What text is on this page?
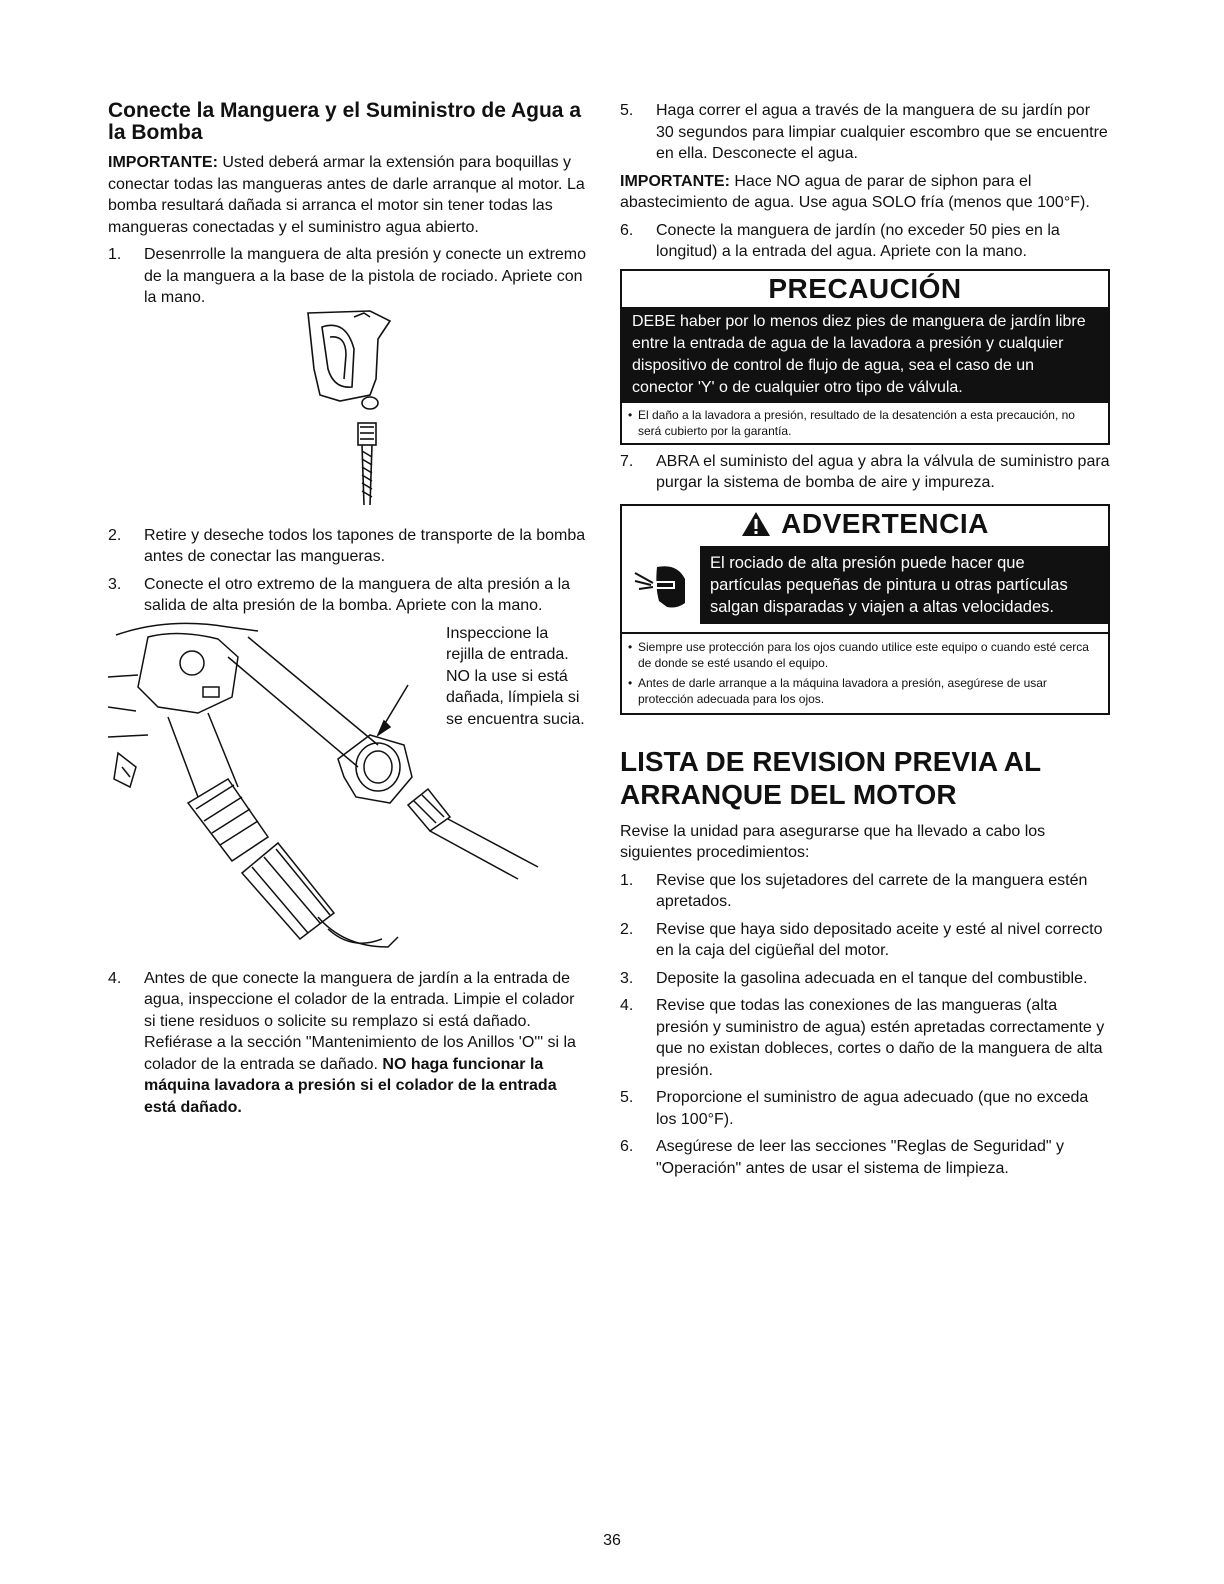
Conecte la Manguera y el Suministro de Agua a la Bomba

IMPORTANTE: Usted deberá armar la extensión para boquillas y conectar todas las mangueras antes de darle arranque al motor. La bomba resultará dañada si arranca el motor sin tener todas las mangueras conectadas y el suministro agua abierto.

1. Desenrrolle la manguera de alta presión y conecte un extremo de la manguera a la base de la pistola de rociado. Apriete con la mano.
2. Retire y deseche todos los tapones de transporte de la bomba antes de conectar las mangueras.
3. Conecte el otro extremo de la manguera de alta presión a la salida de alta presión de la bomba. Apriete con la mano.

Inspeccione la rejilla de entrada. NO la use si está dañada, límpiela si se encuentra sucia.

4. Antes de que conecte la manguera de jardín a la entrada de agua, inspeccione el colador de la entrada. Limpie el colador si tiene residuos o solicite su remplazo si está dañado. Refiérase a la sección "Mantenimiento de los Anillos 'O'" si la colador de la entrada se dañado. NO haga funcionar la máquina lavadora a presión si el colador de la entrada está dañado.
5. Haga correr el agua a través de la manguera de su jardín por 30 segundos para limpiar cualquier escombro que se encuentre en ella. Desconecte el agua.

IMPORTANTE: Hace NO agua de parar de siphon para el abastecimiento de agua. Use agua SOLO fría (menos que 100°F).

6. Conecte la manguera de jardín (no exceder 50 pies en la longitud) a la entrada del agua. Apriete con la mano.
PRECAUCIÓN
DEBE haber por lo menos diez pies de manguera de jardín libre entre la entrada de agua de la lavadora a presión y cualquier dispositivo de control de flujo de agua, sea el caso de un conector 'Y' o de cualquier otro tipo de válvula.
• El daño a la lavadora a presión, resultado de la desatención a esta precaución, no será cubierto por la garantía.
7. ABRA el suministo del agua y abra la válvula de suministro para purgar la sistema de bomba de aire y impureza.
ADVERTENCIA
El rociado de alta presión puede hacer que partículas pequeñas de pintura u otras partículas salgan disparadas y viajen a altas velocidades.
• Siempre use protección para los ojos cuando utilice este equipo o cuando esté cerca de donde se esté usando el equipo.
• Antes de darle arranque a la máquina lavadora a presión, asegúrese de usar protección adecuada para los ojos.
LISTA DE REVISION PREVIA AL ARRANQUE DEL MOTOR

Revise la unidad para asegurarse que ha llevado a cabo los siguientes procedimientos:

1. Revise que los sujetadores del carrete de la manguera estén apretados.
2. Revise que haya sido depositado aceite y esté al nivel correcto en la caja del cigüeñal del motor.
3. Deposite la gasolina adecuada en el tanque del combustible.
4. Revise que todas las conexiones de las mangueras (alta presión y suministro de agua) estén apretadas correctamente y que no existan dobleces, cortes o daño de la manguera de alta presión.
5. Proporcione el suministro de agua adecuado (que no exceda los 100°F).
6. Asegúrese de leer las secciones "Reglas de Seguridad" y "Operación" antes de usar el sistema de limpieza.
36
